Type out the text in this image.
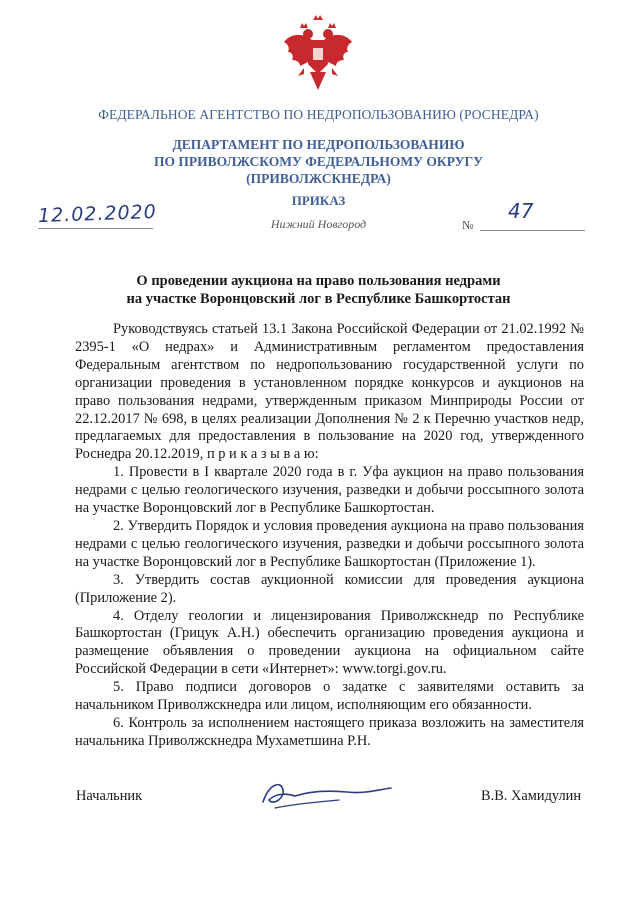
ФЕДЕРАЛЬНОЕ АГЕНТСТВО ПО НЕДРОПОЛЬЗОВАНИЮ (РОСНЕДРА)
ДЕПАРТАМЕНТ ПО НЕДРОПОЛЬЗОВАНИЮ
ПО ПРИВОЛЖСКОМУ ФЕДЕРАЛЬНОМУ ОКРУГУ
(ПРИВОЛЖСКНЕДРА)
ПРИКАЗ
12.02.2020	Нижний Новгород	№
47
О проведении аукциона на право пользования недрами
на участке Воронцовский лог в Республике Башкортостан

Руководствуясь статьей 13.1 Закона Российской Федерации от 21.02.1992 № 2395-1 «О недрах» и Административным регламентом предоставления Федеральным агентством по недропользованию государственной услуги по организации проведения в установленном порядке конкурсов и аукционов на право пользования недрами, утвержденным приказом Минприроды России от 22.12.2017 № 698, в целях реализации Дополнения № 2 к Перечню участков недр, предлагаемых для предоставления в пользование на 2020 год, утвержденного Роснедра 20.12.2019, п р и к а з ы в а ю:

1. Провести в I квартале 2020 года в г. Уфа аукцион на право пользования недрами с целью геологического изучения, разведки и добычи россыпного золота на участке Воронцовский лог в Республике Башкортостан.

2. Утвердить Порядок и условия проведения аукциона на право пользования недрами с целью геологического изучения, разведки и добычи россыпного золота на участке Воронцовский лог в Республике Башкортостан (Приложение 1).

3. Утвердить состав аукционной комиссии для проведения аукциона (Приложение 2).

4. Отделу геологии и лицензирования Приволжскнедр по Республике Башкортостан (Грицук А.Н.) обеспечить организацию проведения аукциона и размещение объявления о проведении аукциона на официальном сайте Российской Федерации в сети «Интернет»: www.torgi.gov.ru.

5. Право подписи договоров о задатке с заявителями оставить за начальником Приволжскнедра или лицом, исполняющим его обязанности.

6. Контроль за исполнением настоящего приказа возложить на заместителя начальника Приволжскнедра Мухаметшина Р.Н.

Начальник	В.В. Хамидулин
